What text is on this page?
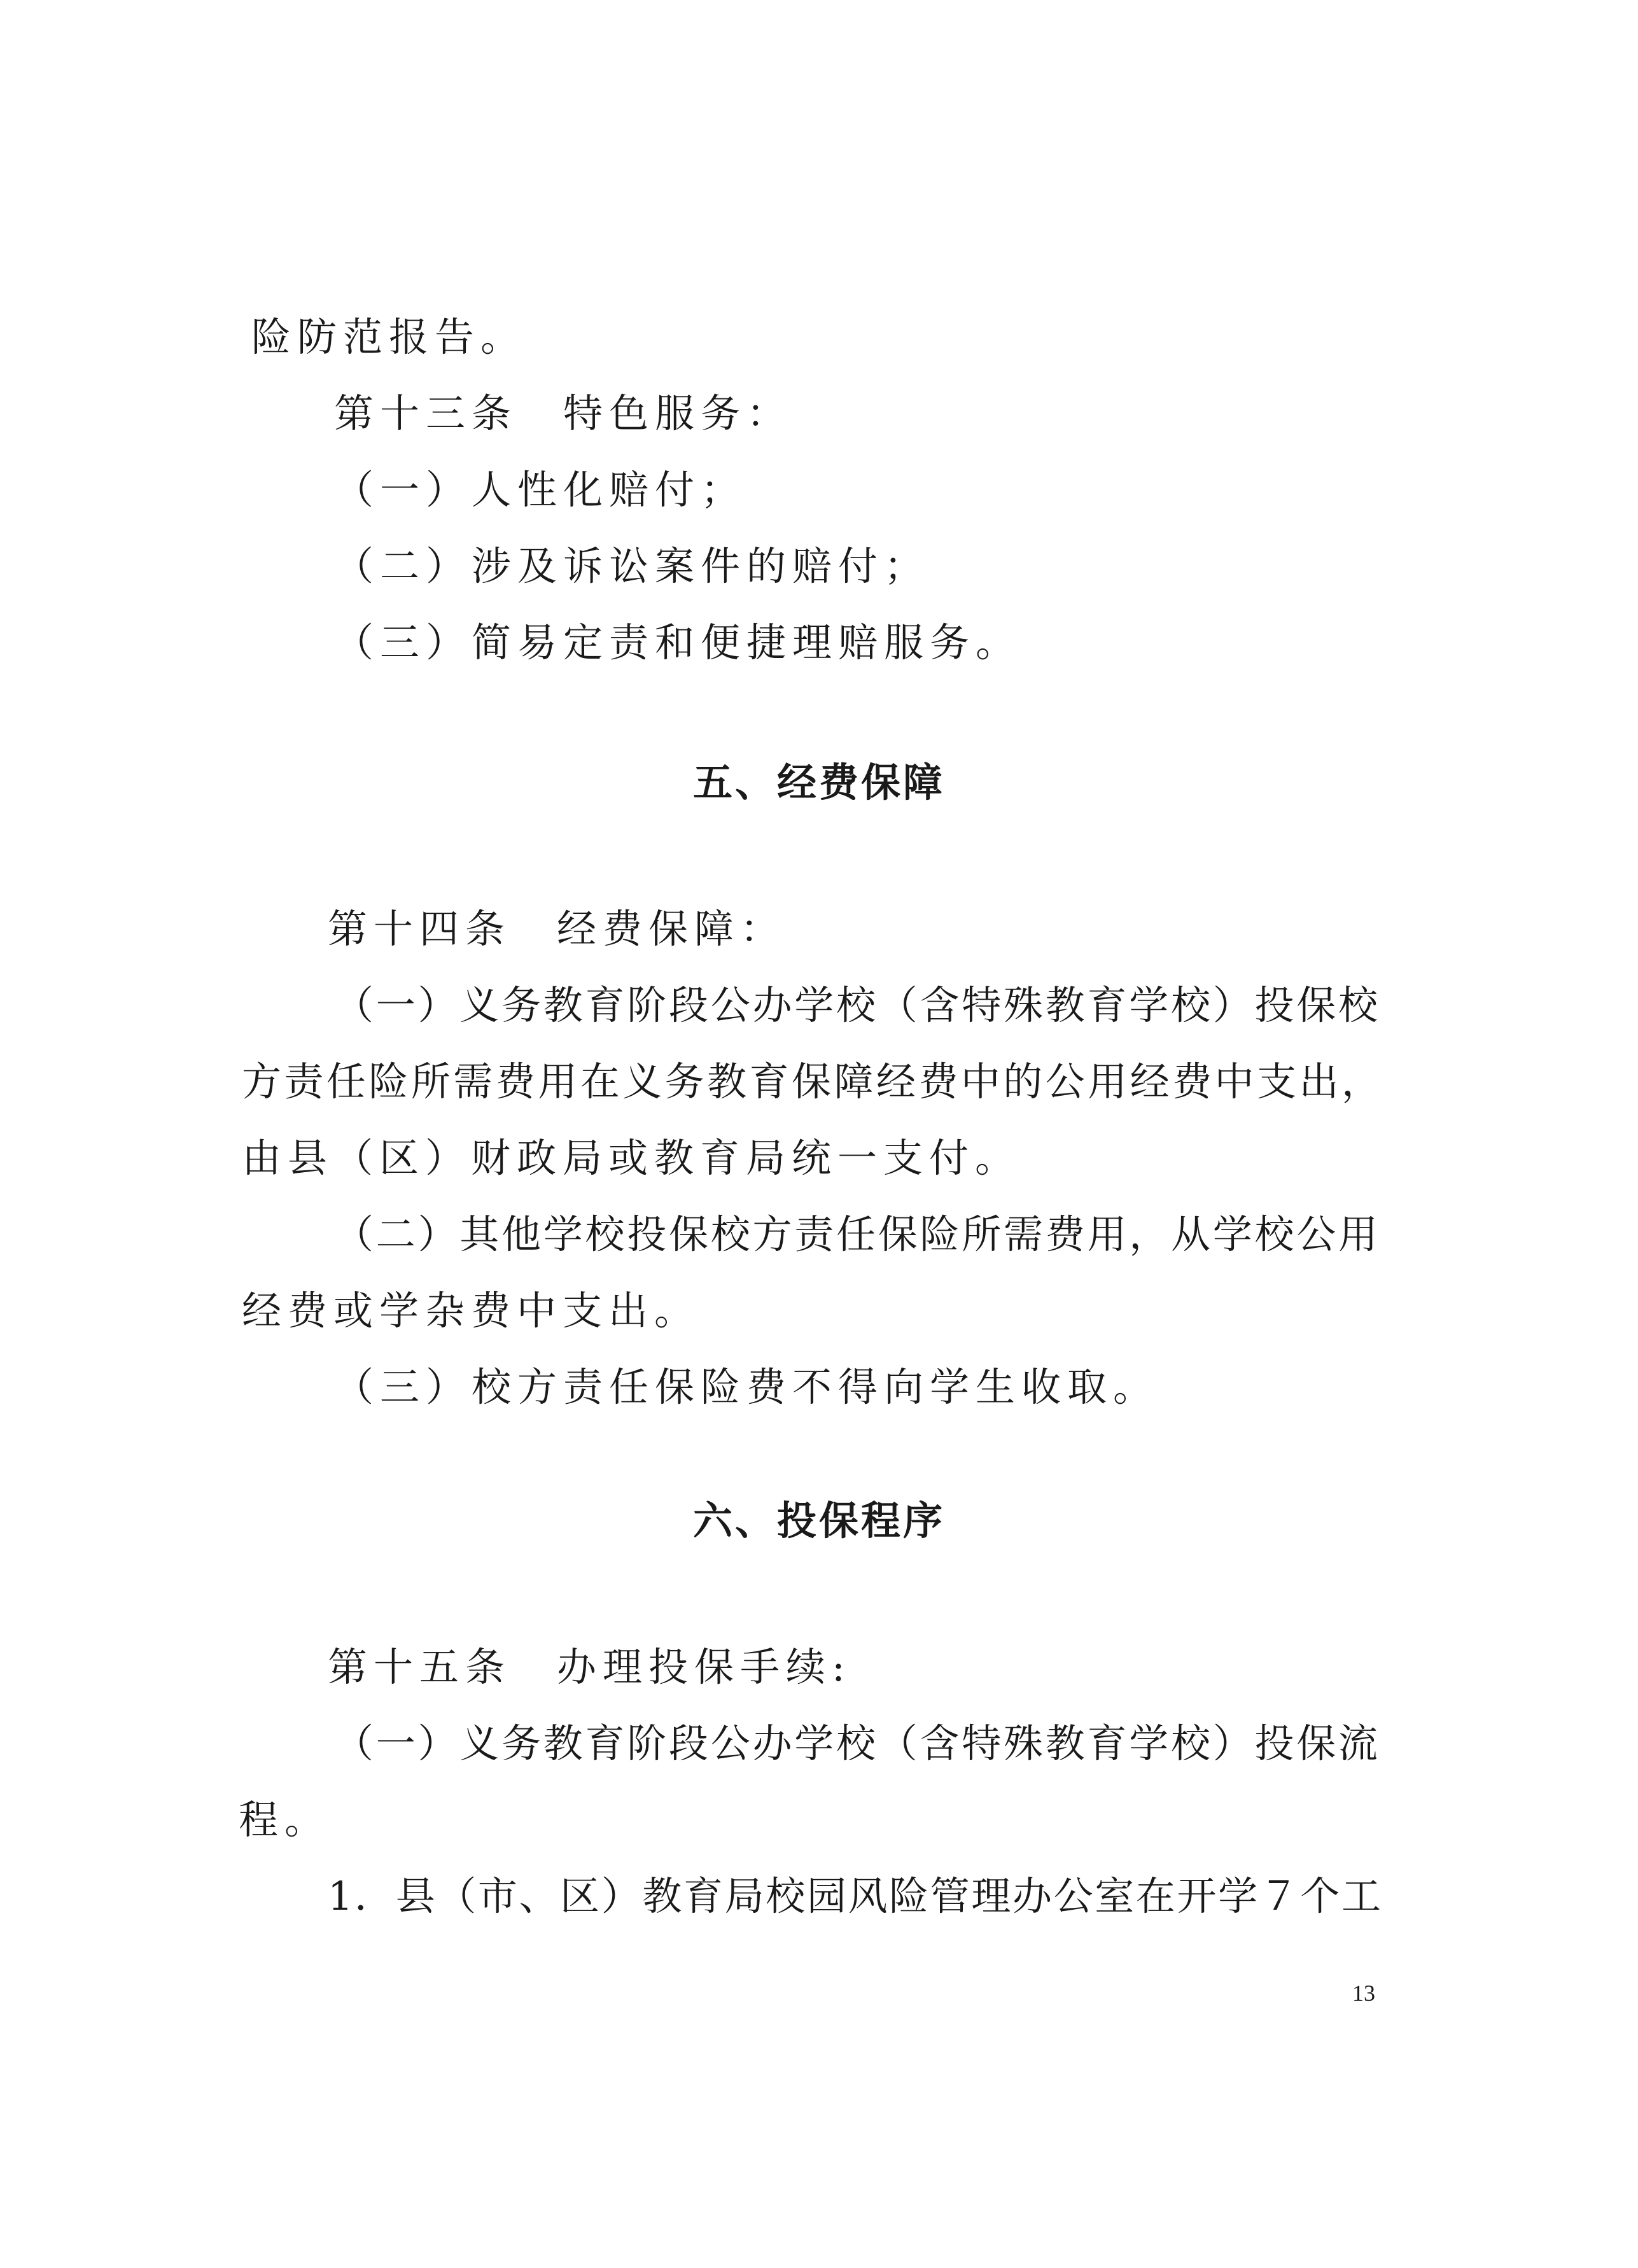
险防范报告。
第十三条　特色服务：
（一）人性化赔付；
（二）涉及诉讼案件的赔付；
（三）简易定责和便捷理赔服务。
五、经费保障
第十四条　经费保障：
（一）义务教育阶段公办学校（含特殊教育学校）投保校
方责任险所需费用在义务教育保障经费中的公用经费中支出，
由县（区）财政局或教育局统一支付。
（二）其他学校投保校方责任保险所需费用，从学校公用
经费或学杂费中支出。
（三）校方责任保险费不得向学生收取。
六、投保程序
第十五条　办理投保手续:
（一）义务教育阶段公办学校（含特殊教育学校）投保流
程。
1．县（市、区）教育局校园风险管理办公室在开学７个工
13
